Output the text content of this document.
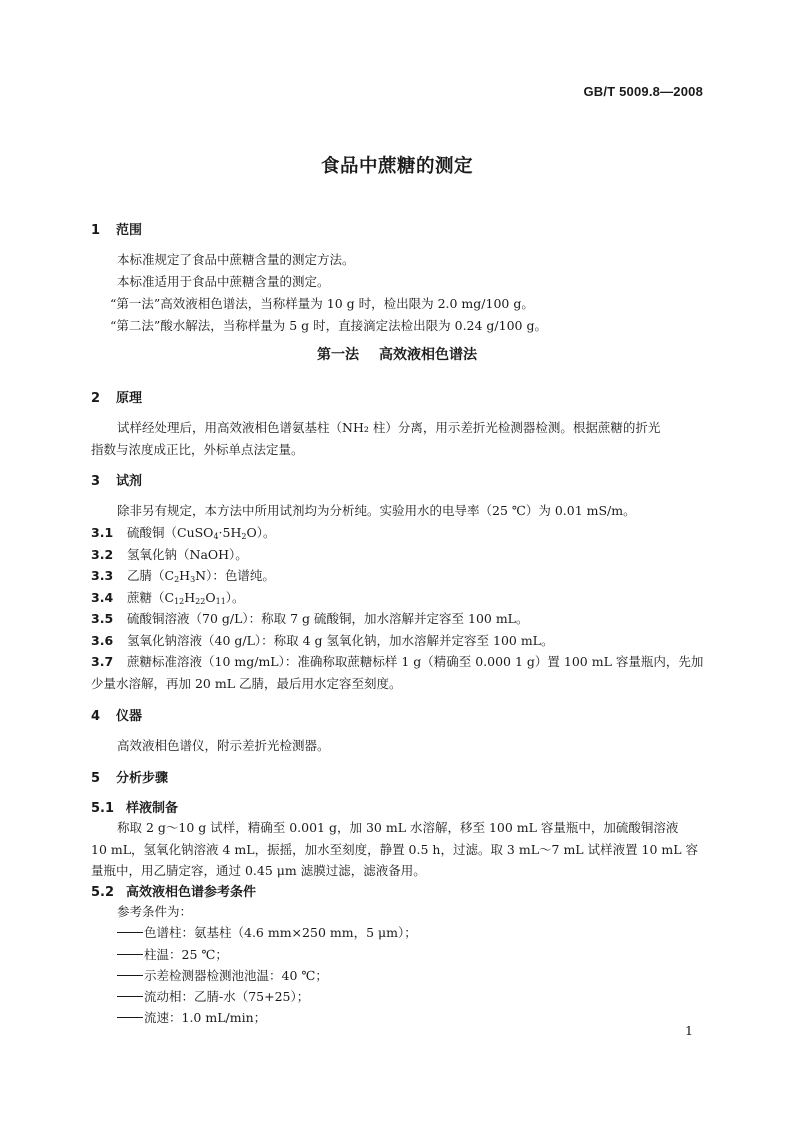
GB/T 5009.8—2008
食品中蔗糖的测定
1 范围
本标准规定了食品中蔗糖含量的测定方法。
本标准适用于食品中蔗糖含量的测定。
“第一法”高效液相色谱法，当称样量为 10 g 时，检出限为 2.0 mg/100 g。
“第二法”酸水解法，当称样量为 5 g 时，直接滴定法检出限为 0.24 g/100 g。
第一法 高效液相色谱法
2 原理
试样经处理后，用高效液相色谱氨基柱（NH₂ 柱）分离，用示差折光检测器检测。根据蔗糖的折光
指数与浓度成正比，外标单点法定量。
3 试剂
除非另有规定，本方法中所用试剂均为分析纯。实验用水的电导率（25 ℃）为 0.01 mS/m。
3.1 硫酸铜$(CuSO_4\cdot 5H_2O)$。
3.2 氢氧化钠（NaOH）。
3.3 乙腈$(C_2H_3N)$：色谱纯。
3.4 蔗糖$(C_{12}H_{22}O_{11})$。
3.5 硫酸铜溶液（70 g/L）：称取 7 g 硫酸铜，加水溶解并定容至 100 mL。
3.6 氢氧化钠溶液（40 g/L）：称取 4 g 氢氧化钠，加水溶解并定容至 100 mL。
3.7 蔗糖标准溶液（10 mg/mL）：准确称取蔗糖标样 1 g（精确至 0.000 1 g）置 100 mL 容量瓶内，先加
少量水溶解，再加 20 mL 乙腈，最后用水定容至刻度。
4 仪器
高效液相色谱仪，附示差折光检测器。
5 分析步骤
5.1 样液制备
称取 2 g～10 g 试样，精确至 0.001 g，加 30 mL 水溶解，移至 100 mL 容量瓶中，加硫酸铜溶液
10 mL，氢氧化钠溶液 4 mL，振摇，加水至刻度，静置 0.5 h，过滤。取 3 mL～7 mL 试样液置 10 mL 容
量瓶中，用乙腈定容，通过 0.45 μm 滤膜过滤，滤液备用。
5.2 高效液相色谱参考条件
参考条件为：
色谱柱：氨基柱（4.6 mm×250 mm，5 μm）；
柱温：25 ℃；
示差检测器检测池池温：40 ℃；
流动相：乙腈-水（75+25）；
流速：1.0 mL/min；
1
